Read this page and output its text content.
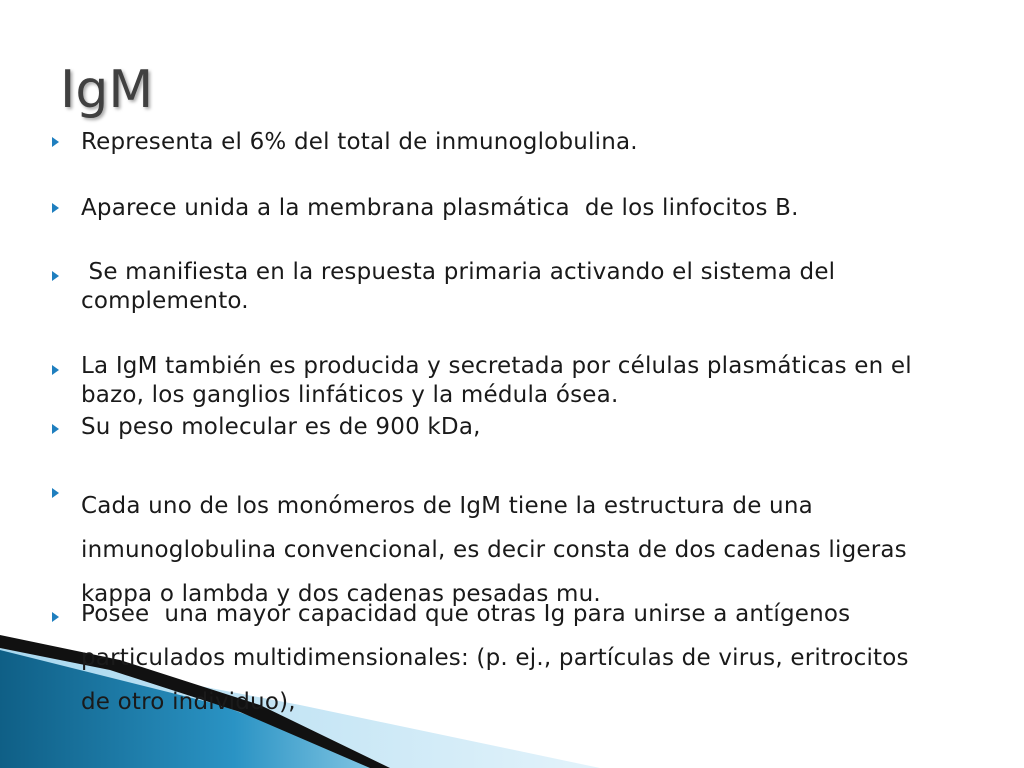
IgM
Representa el 6% del total de inmunoglobulina.
Aparece unida a la membrana plasmática  de los linfocitos B.
Se manifiesta en la respuesta primaria activando el sistema del complemento.
La IgM también es producida y secretada por células plasmáticas en el bazo, los ganglios linfáticos y la médula ósea.
Su peso molecular es de 900 kDa,
Cada uno de los monómeros de IgM tiene la estructura de una inmunoglobulina convencional, es decir consta de dos cadenas ligeras kappa o lambda y dos cadenas pesadas mu.
Posee  una mayor capacidad que otras Ig para unirse a antígenos particulados multidimensionales: (p. ej., partículas de virus, eritrocitos de otro individuo),
